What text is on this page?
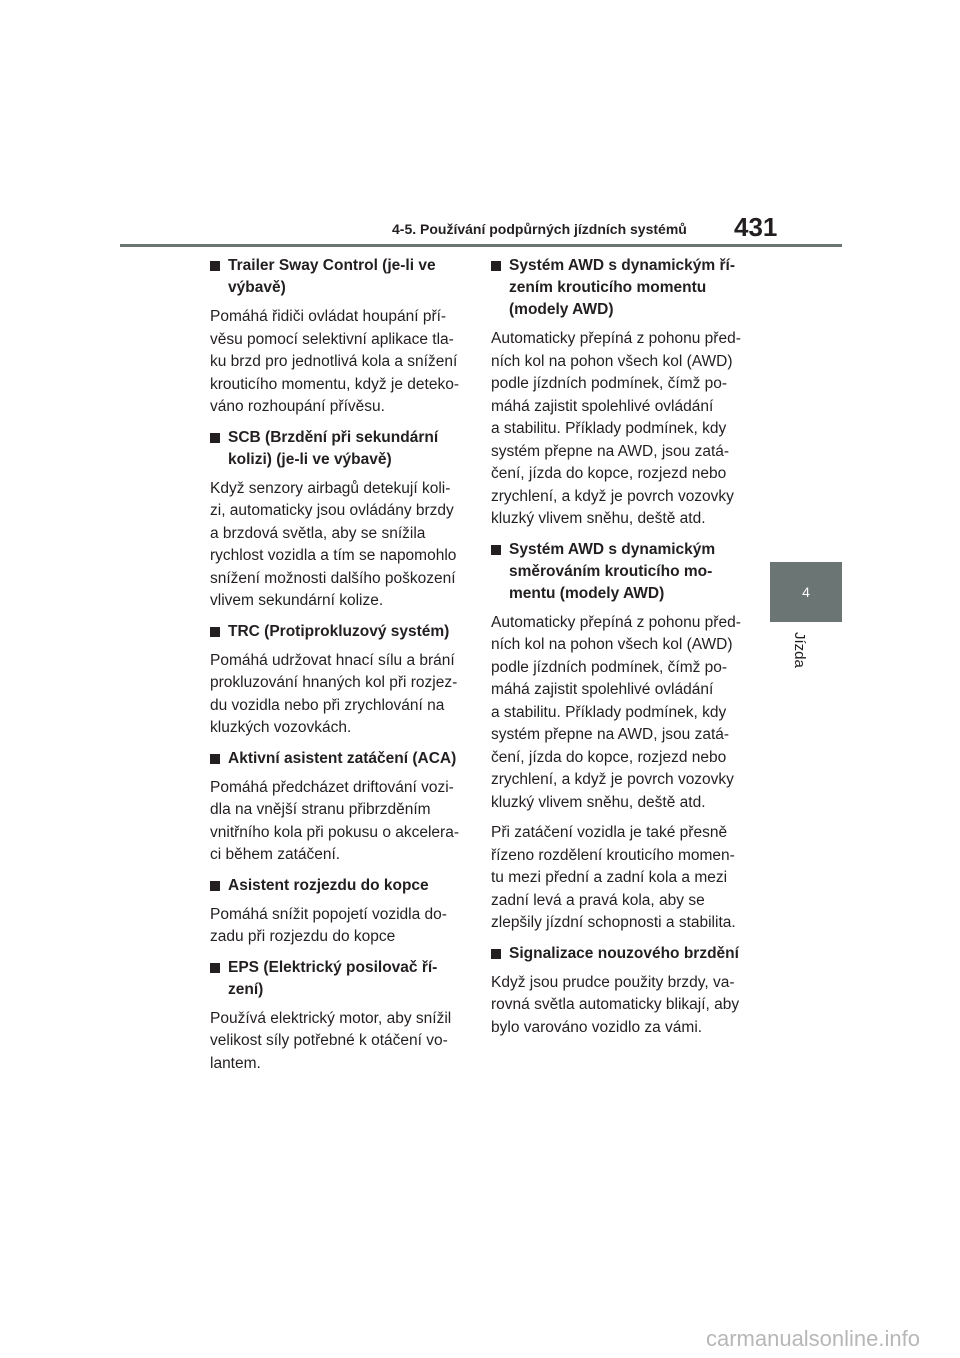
4-5. Používání podpůrných jízdních systémů 431
4
Jízda
Trailer Sway Control (je-li ve
výbavě)
Pomáhá řidiči ovládat houpání pří-
věsu pomocí selektivní aplikace tla-
ku brzd pro jednotlivá kola a snížení
krouticího momentu, když je deteko-
váno rozhoupání přívěsu.
SCB (Brzdění při sekundární
kolizi) (je-li ve výbavě)
Když senzory airbagů detekují koli-
zi, automaticky jsou ovládány brzdy
a brzdová světla, aby se snížila
rychlost vozidla a tím se napomohlo
snížení možnosti dalšího poškození
vlivem sekundární kolize.
TRC (Protiprokluzový systém)
Pomáhá udržovat hnací sílu a brání
prokluzování hnaných kol při rozjez-
du vozidla nebo při zrychlování na
kluzkých vozovkách.
Aktivní asistent zatáčení (ACA)
Pomáhá předcházet driftování vozi-
dla na vnější stranu přibrzděním
vnitřního kola při pokusu o akcelera-
ci během zatáčení.
Asistent rozjezdu do kopce
Pomáhá snížit popojetí vozidla do-
zadu při rozjezdu do kopce
EPS (Elektrický posilovač ří-
zení)
Používá elektrický motor, aby snížil
velikost síly potřebné k otáčení vo-
lantem.
Systém AWD s dynamickým ří-
zením krouticího momentu
(modely AWD)
Automaticky přepíná z pohonu před-
ních kol na pohon všech kol (AWD)
podle jízdních podmínek, čímž po-
máhá zajistit spolehlivé ovládání
a stabilitu. Příklady podmínek, kdy
systém přepne na AWD, jsou zatá-
čení, jízda do kopce, rozjezd nebo
zrychlení, a když je povrch vozovky
kluzký vlivem sněhu, deště atd.
Systém AWD s dynamickým
směrováním krouticího mo-
mentu (modely AWD)
Automaticky přepíná z pohonu před-
ních kol na pohon všech kol (AWD)
podle jízdních podmínek, čímž po-
máhá zajistit spolehlivé ovládání
a stabilitu. Příklady podmínek, kdy
systém přepne na AWD, jsou zatá-
čení, jízda do kopce, rozjezd nebo
zrychlení, a když je povrch vozovky
kluzký vlivem sněhu, deště atd.
Při zatáčení vozidla je také přesně
řízeno rozdělení krouticího momen-
tu mezi přední a zadní kola a mezi
zadní levá a pravá kola, aby se
zlepšily jízdní schopnosti a stabilita.
Signalizace nouzového brzdění
Když jsou prudce použity brzdy, va-
rovná světla automaticky blikají, aby
bylo varováno vozidlo za vámi.
carmanualsonline.info
